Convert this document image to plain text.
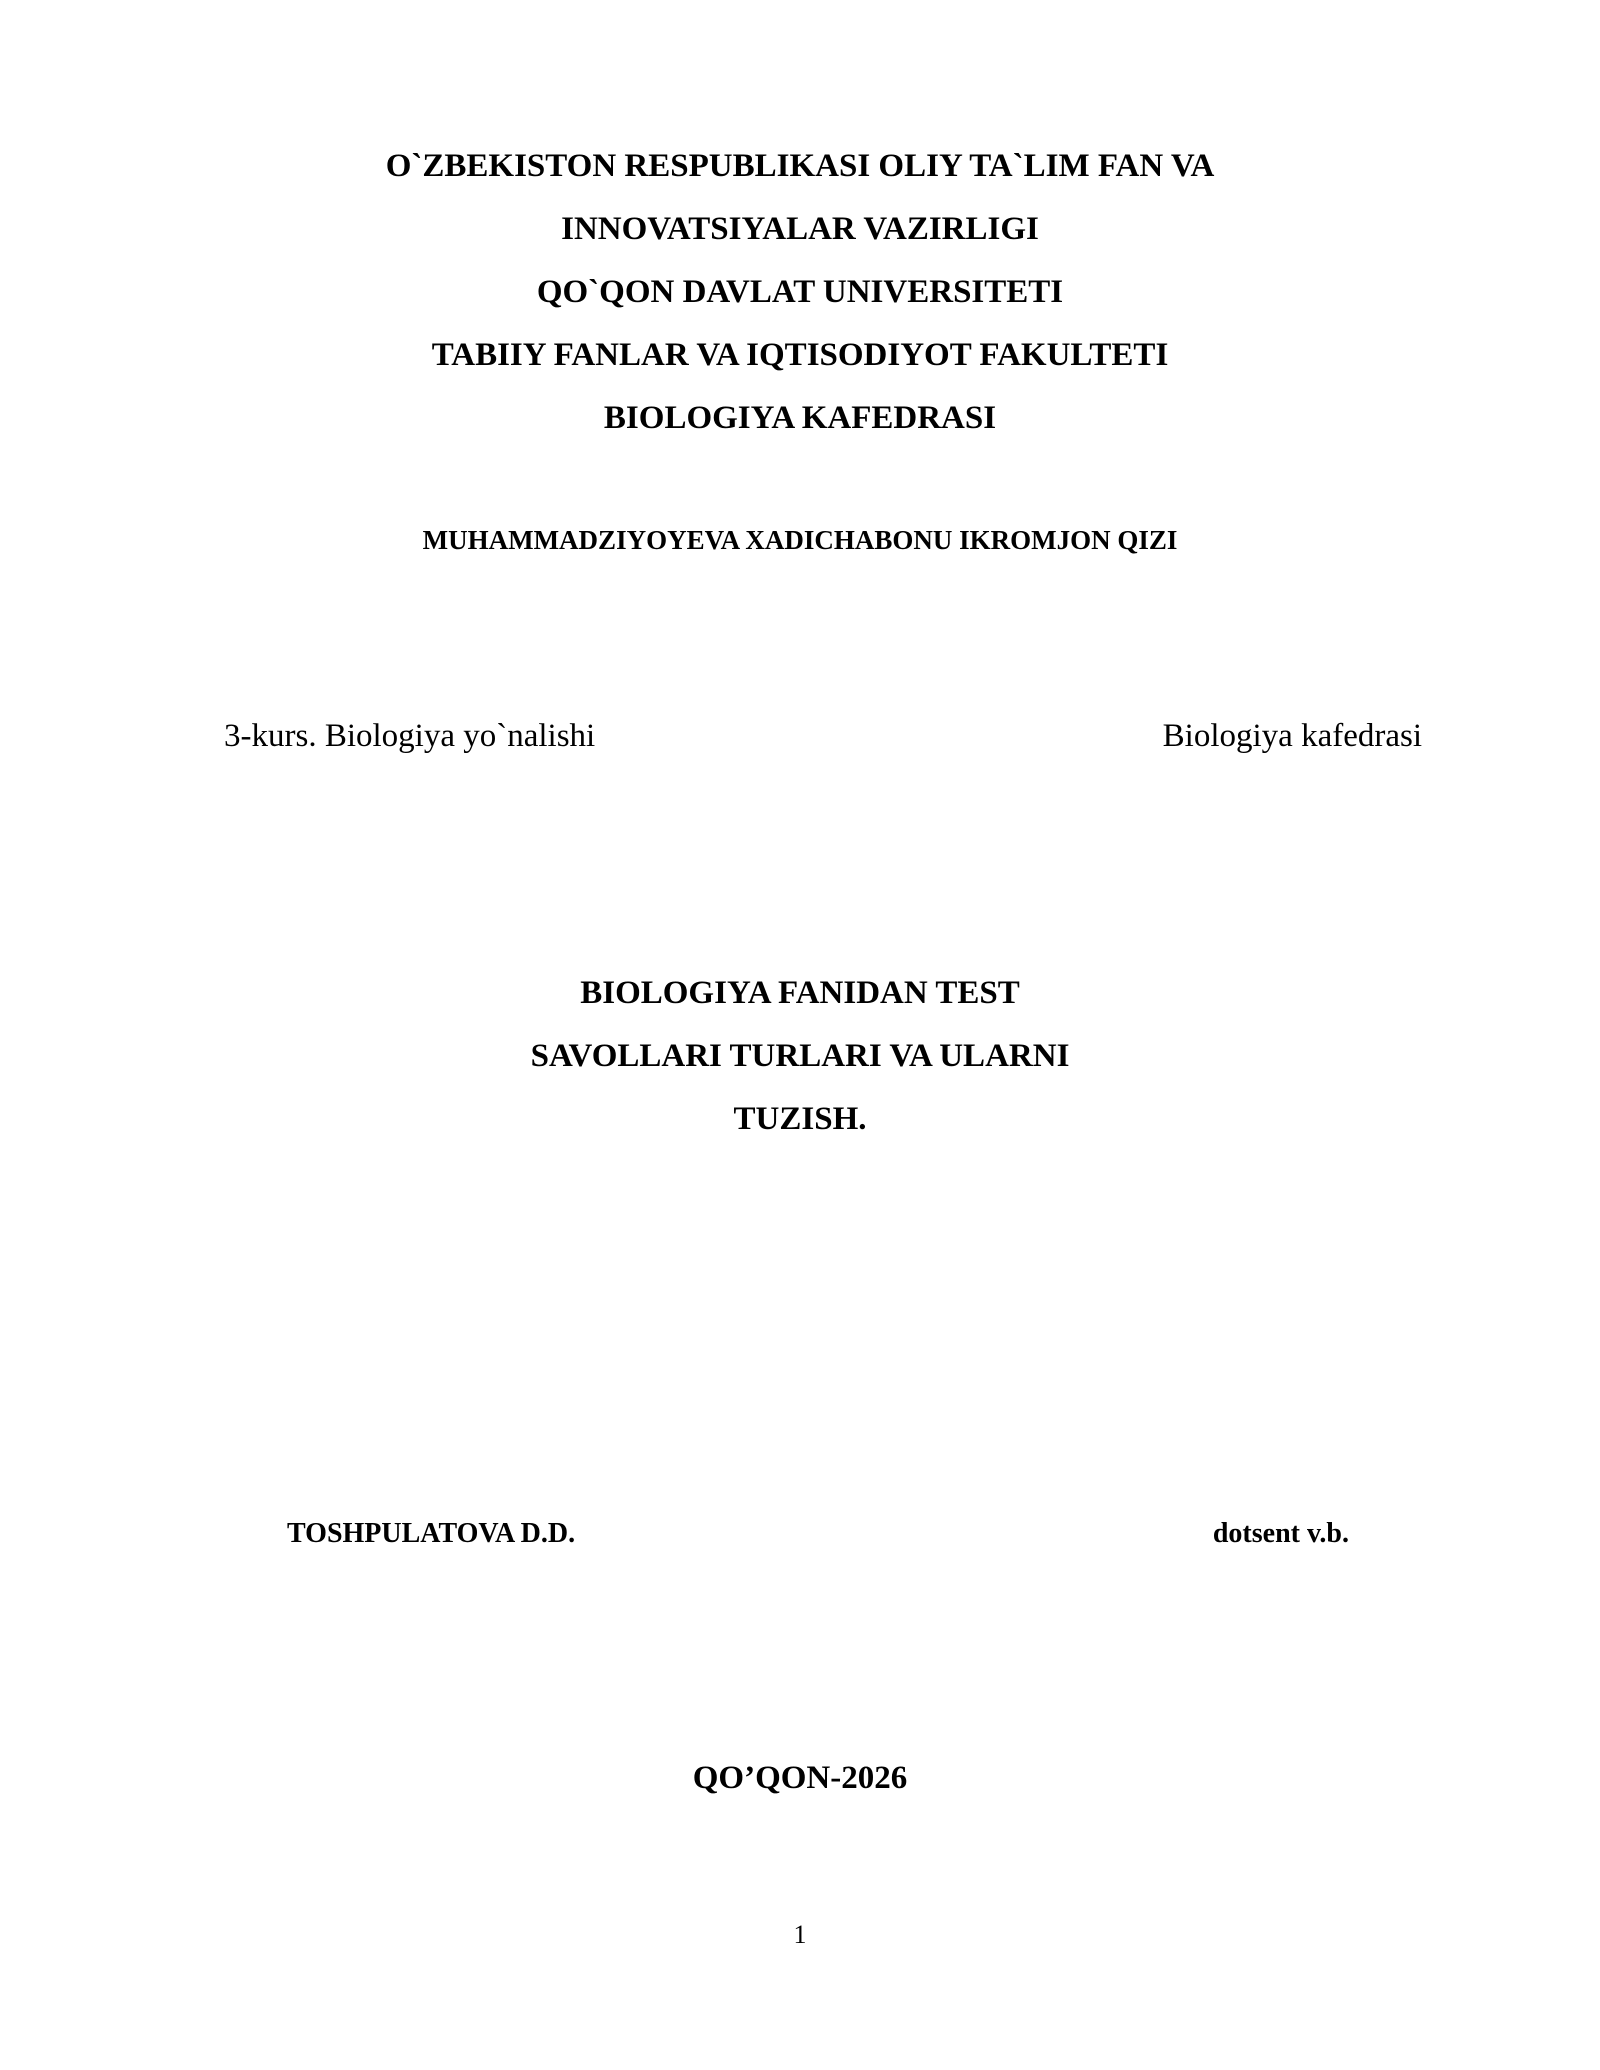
O`ZBEKISTON RESPUBLIKASI OLIY TA`LIM FAN VA
INNOVATSIYALAR VAZIRLIGI
QO`QON DAVLAT UNIVERSITETI
TABIIY FANLAR VA IQTISODIYOT FAKULTETI
BIOLOGIYA KAFEDRASI
MUHAMMADZIYOYEVA XADICHABONU IKROMJON QIZI
3-kurs. Biologiya yo`nalishi	Biologiya kafedrasi
BIOLOGIYA FANIDAN TEST
SAVOLLARI TURLARI VA ULARNI
TUZISH.
TOSHPULATOVA D.D.	dotsent v.b.
QO’QON-2026
1
